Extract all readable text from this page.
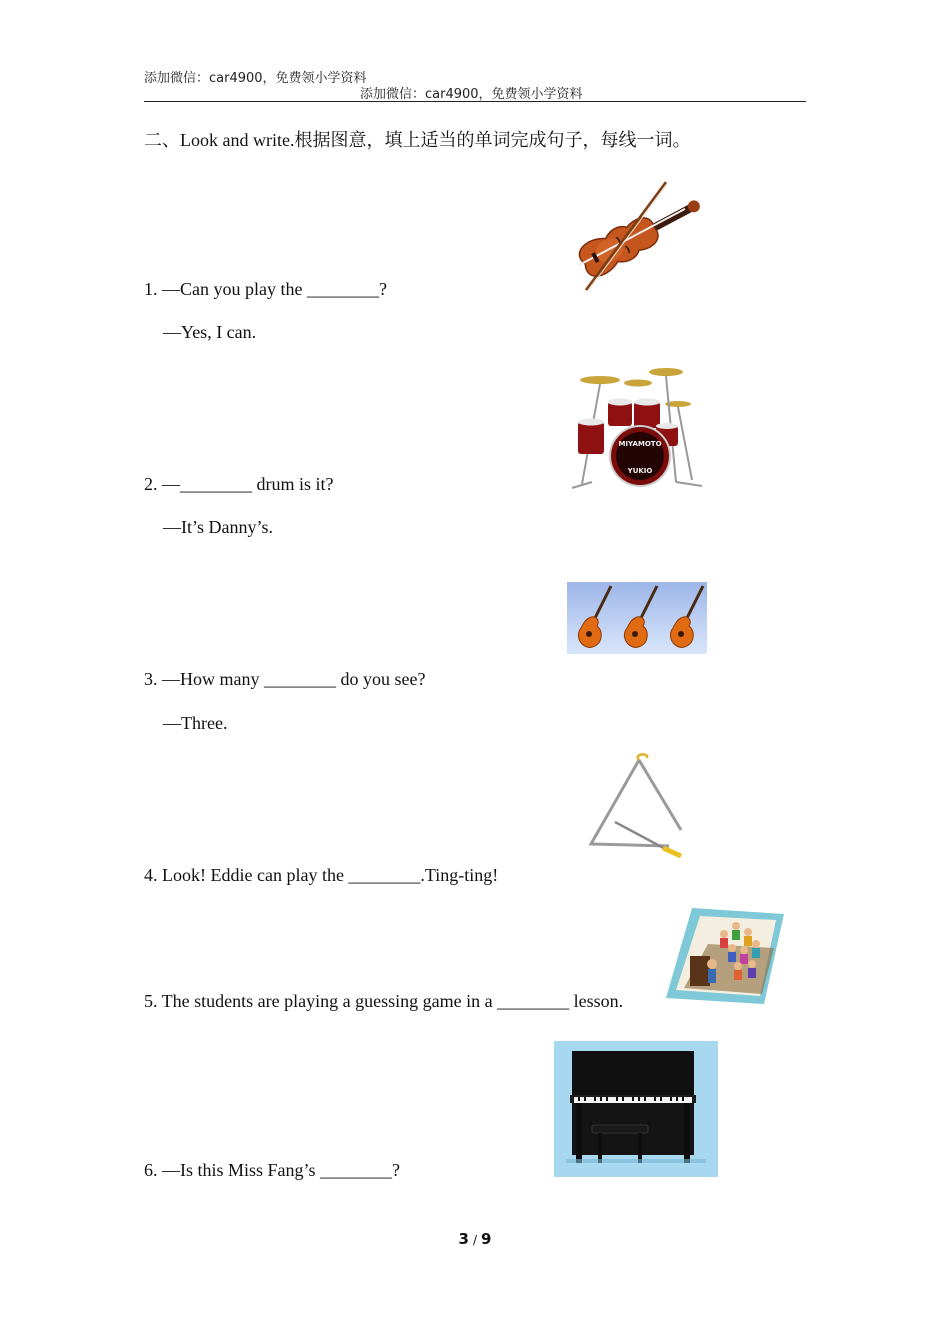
添加微信：car4900，免费领小学资料
添加微信：car4900，免费领小学资料
二、Look and write.根据图意，填上适当的单词完成句子，每线一词。
1. —Can you play the ________?
—Yes, I can.
2. —________ drum is it?
—It’s Danny’s.
MIYAMOTO
YUKIO
3. —How many ________ do you see?
—Three.
4. Look! Eddie can play the ________.Ting-ting!
5. The students are playing a guessing game in a ________ lesson.
6. —Is this Miss Fang’s ________?
3 / 9
